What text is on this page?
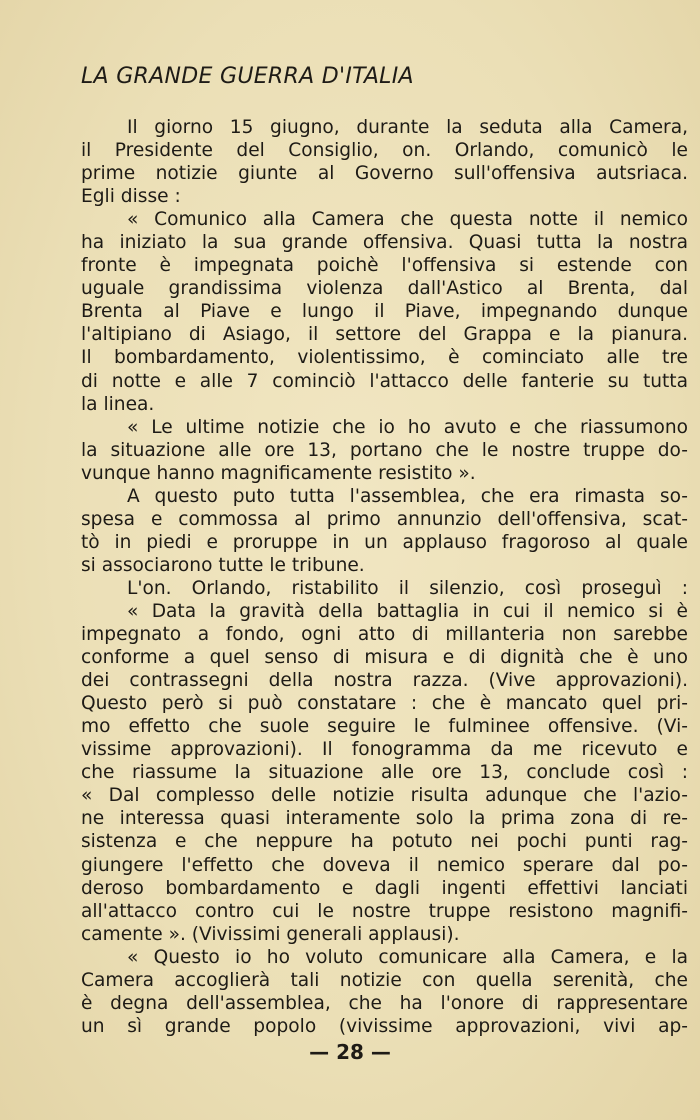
LA GRANDE GUERRA D'ITALIA
Il giorno 15 giugno, durante la seduta alla Camera,
il Presidente del Consiglio, on. Orlando, comunicò le
prime notizie giunte al Governo sull'offensiva autsriaca.
Egli disse :
« Comunico alla Camera che questa notte il nemico
ha iniziato la sua grande offensiva. Quasi tutta la nostra
fronte è impegnata poichè l'offensiva si estende con
uguale grandissima violenza dall'Astico al Brenta, dal
Brenta al Piave e lungo il Piave, impegnando dunque
l'altipiano di Asiago, il settore del Grappa e la pianura.
Il bombardamento, violentissimo, è cominciato alle tre
di notte e alle 7 cominciò l'attacco delle fanterie su tutta
la linea.
« Le ultime notizie che io ho avuto e che riassumono
la situazione alle ore 13, portano che le nostre truppe do-
vunque hanno magnificamente resistito ».
A questo puto tutta l'assemblea, che era rimasta so-
spesa e commossa al primo annunzio dell'offensiva, scat-
tò in piedi e proruppe in un applauso fragoroso al quale
si associarono tutte le tribune.
L'on. Orlando, ristabilito il silenzio, così proseguì :
« Data la gravità della battaglia in cui il nemico si è
impegnato a fondo, ogni atto di millanteria non sarebbe
conforme a quel senso di misura e di dignità che è uno
dei contrassegni della nostra razza. (Vive approvazioni).
Questo però si può constatare : che è mancato quel pri-
mo effetto che suole seguire le fulminee offensive. (Vi-
vissime approvazioni). Il fonogramma da me ricevuto e
che riassume la situazione alle ore 13, conclude così :
« Dal complesso delle notizie risulta adunque che l'azio-
ne interessa quasi interamente solo la prima zona di re-
sistenza e che neppure ha potuto nei pochi punti rag-
giungere l'effetto che doveva il nemico sperare dal po-
deroso bombardamento e dagli ingenti effettivi lanciati
all'attacco contro cui le nostre truppe resistono magnifi-
camente ». (Vivissimi generali applausi).
« Questo io ho voluto comunicare alla Camera, e la
Camera accoglierà tali notizie con quella serenità, che
è degna dell'assemblea, che ha l'onore di rappresentare
un sì grande popolo (vivissime approvazioni, vivi ap-
— 28 —
